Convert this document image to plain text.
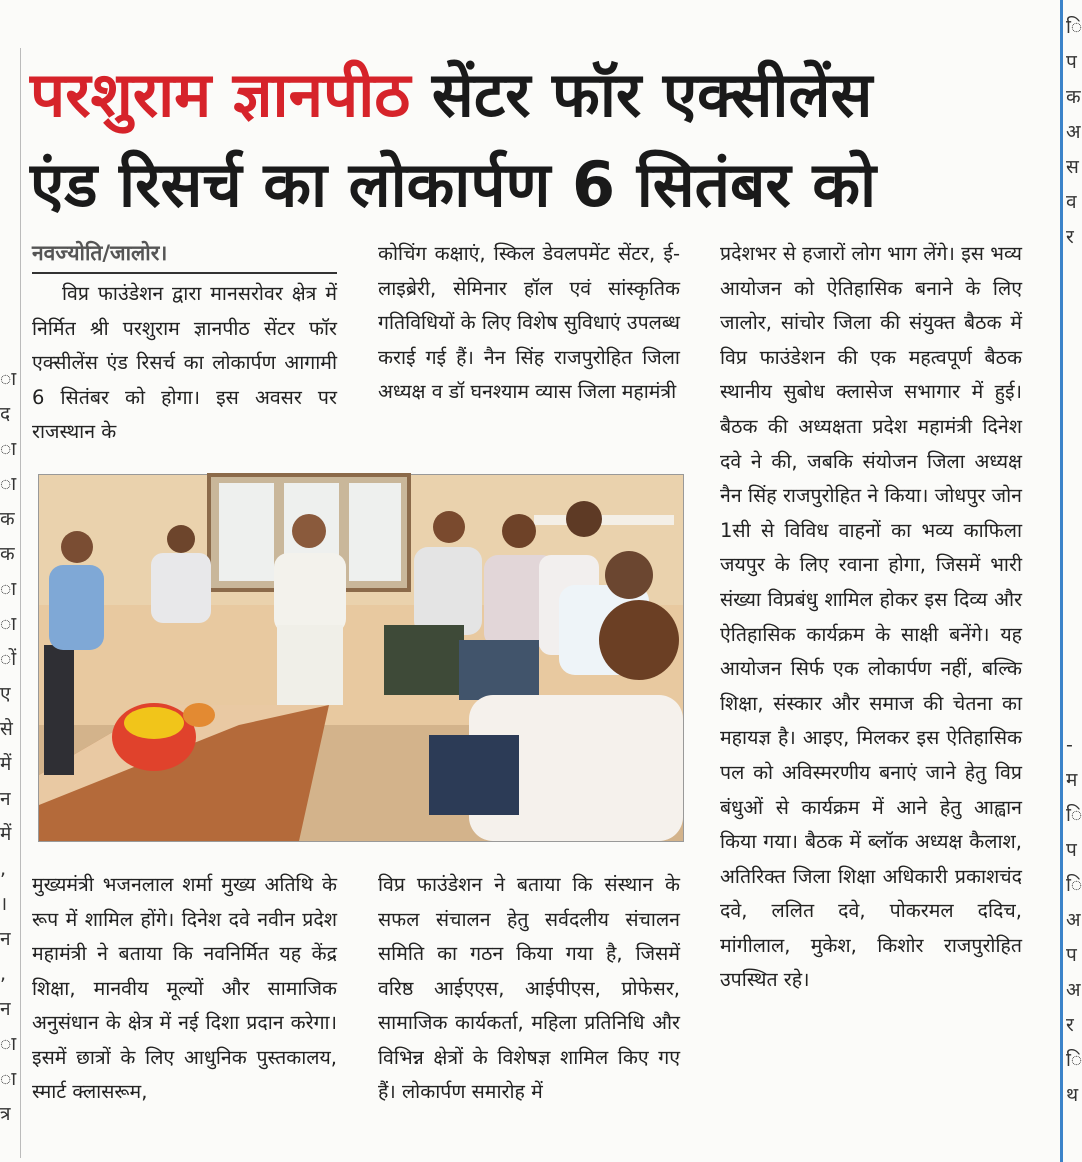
परशुराम ज्ञानपीठ सेंटर फॉर एक्सीलेंस
एंड रिसर्च का लोकार्पण 6 सितंबर को
नवज्योति/जालोर।

विप्र फाउंडेशन द्वारा मानसरोवर क्षेत्र में निर्मित श्री परशुराम ज्ञानपीठ सेंटर फॉर एक्सीलेंस एंड रिसर्च का लोकार्पण आगामी 6 सितंबर को होगा। इस अवसर पर राजस्थान के

कोचिंग कक्षाएं, स्किल डेवलपमेंट सेंटर, ई-लाइब्रेरी, सेमिनार हॉल एवं सांस्कृतिक गतिविधियों के लिए विशेष सुविधाएं उपलब्ध कराई गई हैं। नैन सिंह राजपुरोहित जिला अध्यक्ष व डॉ घनश्याम व्यास जिला महामंत्री

प्रदेशभर से हजारों लोग भाग लेंगे। इस भव्य आयोजन को ऐतिहासिक बनाने के लिए जालोर, सांचोर जिला की संयुक्त बैठक में विप्र फाउंडेशन की एक महत्वपूर्ण बैठक स्थानीय सुबोध क्लासेज सभागार में हुई। बैठक की अध्यक्षता प्रदेश महामंत्री दिनेश दवे ने की, जबकि संयोजन जिला अध्यक्ष नैन सिंह राजपुरोहित ने किया। जोधपुर जोन 1सी से विविध वाहनों का भव्य काफिला जयपुर के लिए रवाना होगा, जिसमें भारी संख्या विप्रबंधु शामिल होकर इस दिव्य और ऐतिहासिक कार्यक्रम के साक्षी बनेंगे। यह आयोजन सिर्फ एक लोकार्पण नहीं, बल्कि शिक्षा, संस्कार और समाज की चेतना का महायज्ञ है। आइए, मिलकर इस ऐतिहासिक पल को अविस्मरणीय बनाएं जाने हेतु विप्र बंधुओं से कार्यक्रम में आने हेतु आह्वान किया गया। बैठक में ब्लॉक अध्यक्ष कैलाश, अतिरिक्त जिला शिक्षा अधिकारी प्रकाशचंद दवे, ललित दवे, पोकरमल ददिच, मांगीलाल, मुकेश, किशोर राजपुरोहित उपस्थित रहे।

मुख्यमंत्री भजनलाल शर्मा मुख्य अतिथि के रूप में शामिल होंगे। दिनेश दवे नवीन प्रदेश महामंत्री ने बताया कि नवनिर्मित यह केंद्र शिक्षा, मानवीय मूल्यों और सामाजिक अनुसंधान के क्षेत्र में नई दिशा प्रदान करेगा। इसमें छात्रों के लिए आधुनिक पुस्तकालय, स्मार्ट क्लासरूम,

विप्र फाउंडेशन ने बताया कि संस्थान के सफल संचालन हेतु सर्वदलीय संचालन समिति का गठन किया गया है, जिसमें वरिष्ठ आईएएस, आईपीएस, प्रोफेसर, सामाजिक कार्यकर्ता, महिला प्रतिनिधि और विभिन्न क्षेत्रों के विशेषज्ञ शामिल किए गए हैं। लोकार्पण समारोह में

ा
द
ा
ा
क
क
ा
ा
ों
ए
से
में
न
में
,
।
न
,
न
ा
ा
त्र
ि
प
क
अ
स
व
र
-
म
ि
प
ि
अ
प
अ
र
ि
थ
